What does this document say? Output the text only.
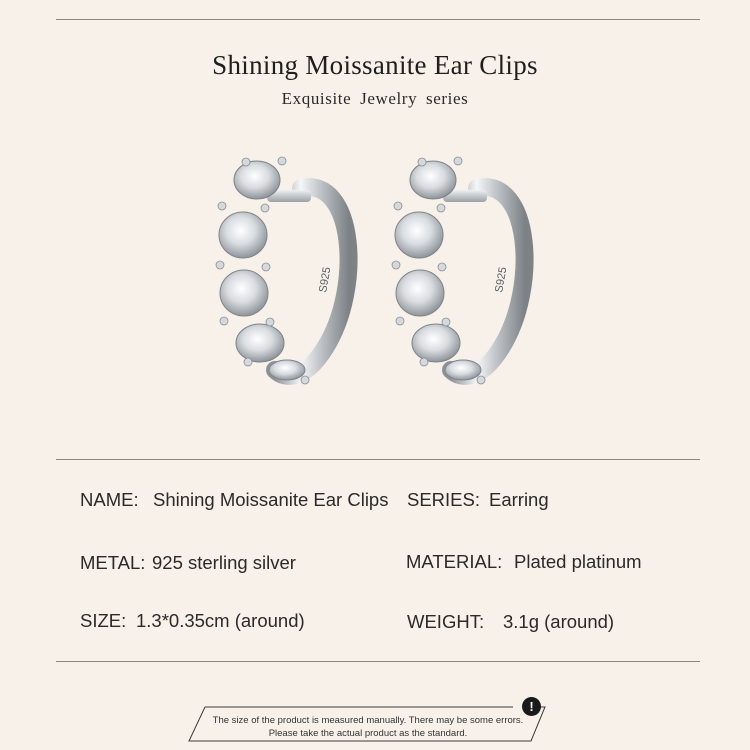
Shining Moissanite Ear Clips
Exquisite Jewelry series
S925	S925
NAME: Shining Moissanite Ear Clips SERIES: Earring
METAL: 925 sterling silver	MATERIAL: Plated platinum
SIZE: 1.3*0.35cm (around)	WEIGHT: 3.1g (around)
The size of the product is measured manually. There may be some errors.
Please take the actual product as the standard.
!
